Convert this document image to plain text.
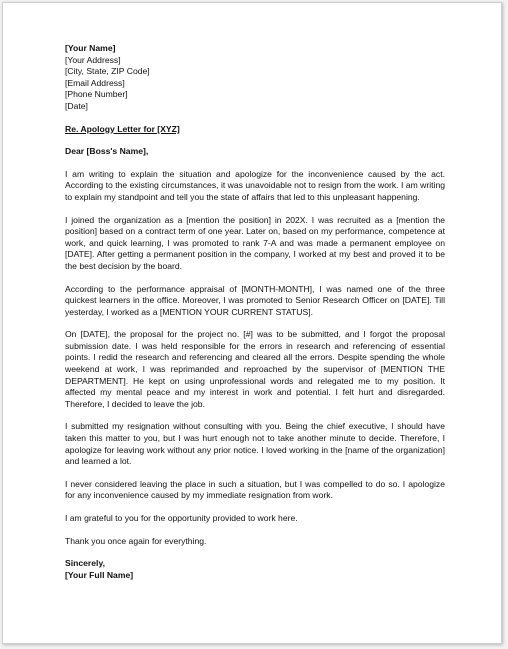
[Your Name]
[Your Address]
[City, State, ZIP Code]
[Email Address]
[Phone Number]
[Date]
Re. Apology Letter for [XYZ]
Dear [Boss's Name],

I am writing to explain the situation and apologize for the inconvenience caused by the act. According to the existing circumstances, it was unavoidable not to resign from the work. I am writing to explain my standpoint and tell you the state of affairs that led to this unpleasant happening.

I joined the organization as a [mention the position] in 202X. I was recruited as a [mention the position] based on a contract term of one year. Later on, based on my performance, competence at work, and quick learning, I was promoted to rank 7-A and was made a permanent employee on [DATE]. After getting a permanent position in the company, I worked at my best and proved it to be the best decision by the board.

According to the performance appraisal of [MONTH-MONTH], I was named one of the three quickest learners in the office. Moreover, I was promoted to Senior Research Officer on [DATE]. Till yesterday, I worked as a [MENTION YOUR CURRENT STATUS].

On [DATE], the proposal for the project no. [#] was to be submitted, and I forgot the proposal submission date. I was held responsible for the errors in research and referencing of essential points. I redid the research and referencing and cleared all the errors. Despite spending the whole weekend at work, I was reprimanded and reproached by the supervisor of [MENTION THE DEPARTMENT]. He kept on using unprofessional words and relegated me to my position. It affected my mental peace and my interest in work and potential. I felt hurt and disregarded. Therefore, I decided to leave the job.

I submitted my resignation without consulting with you. Being the chief executive, I should have taken this matter to you, but I was hurt enough not to take another minute to decide. Therefore, I apologize for leaving work without any prior notice. I loved working in the [name of the organization] and learned a lot.

I never considered leaving the place in such a situation, but I was compelled to do so. I apologize for any inconvenience caused by my immediate resignation from work.

I am grateful to you for the opportunity provided to work here.

Thank you once again for everything.

Sincerely,
[Your Full Name]
